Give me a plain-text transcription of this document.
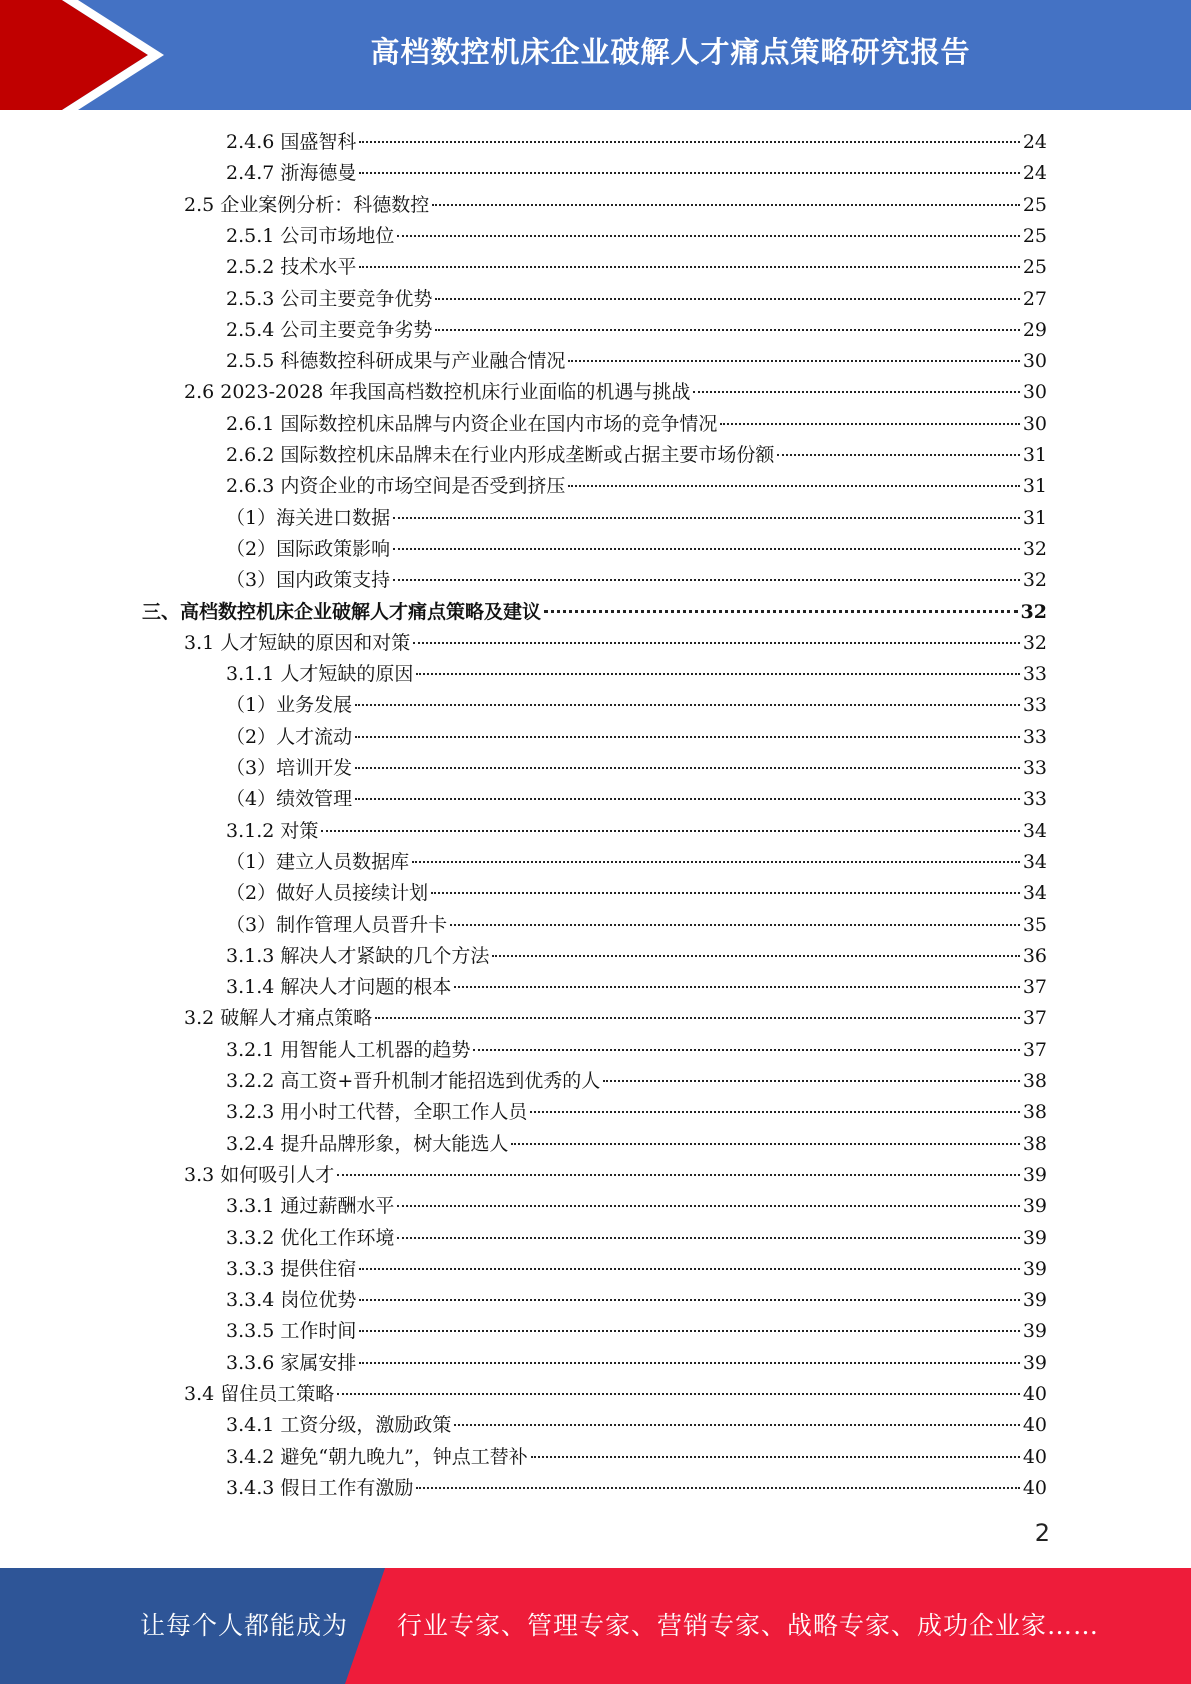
高档数控机床企业破解人才痛点策略研究报告
2.4.6 国盛智科	24
2.4.7 浙海德曼	24
2.5 企业案例分析：科德数控	25
2.5.1 公司市场地位	25
2.5.2 技术水平	25
2.5.3 公司主要竞争优势	27
2.5.4 公司主要竞争劣势	29
2.5.5 科德数控科研成果与产业融合情况	30
2.6 2023-2028 年我国高档数控机床行业面临的机遇与挑战	30
2.6.1 国际数控机床品牌与内资企业在国内市场的竞争情况	30
2.6.2 国际数控机床品牌未在行业内形成垄断或占据主要市场份额	31
2.6.3 内资企业的市场空间是否受到挤压	31
（1）海关进口数据	31
（2）国际政策影响	32
（3）国内政策支持	32
三、高档数控机床企业破解人才痛点策略及建议	32
3.1 人才短缺的原因和对策	32
3.1.1 人才短缺的原因	33
（1）业务发展	33
（2）人才流动	33
（3）培训开发	33
（4）绩效管理	33
3.1.2 对策	34
（1）建立人员数据库	34
（2）做好人员接续计划	34
（3）制作管理人员晋升卡	35
3.1.3 解决人才紧缺的几个方法	36
3.1.4 解决人才问题的根本	37
3.2 破解人才痛点策略	37
3.2.1 用智能人工机器的趋势	37
3.2.2 高工资+晋升机制才能招选到优秀的人	38
3.2.3 用小时工代替，全职工作人员	38
3.2.4 提升品牌形象，树大能选人	38
3.3 如何吸引人才	39
3.3.1 通过薪酬水平	39
3.3.2 优化工作环境	39
3.3.3 提供住宿	39
3.3.4 岗位优势	39
3.3.5 工作时间	39
3.3.6 家属安排	39
3.4 留住员工策略	40
3.4.1 工资分级，激励政策	40
3.4.2 避免“朝九晚九”，钟点工替补	40
3.4.3 假日工作有激励	40
2
让每个人都能成为 行业专家、管理专家、营销专家、战略专家、成功企业家……
